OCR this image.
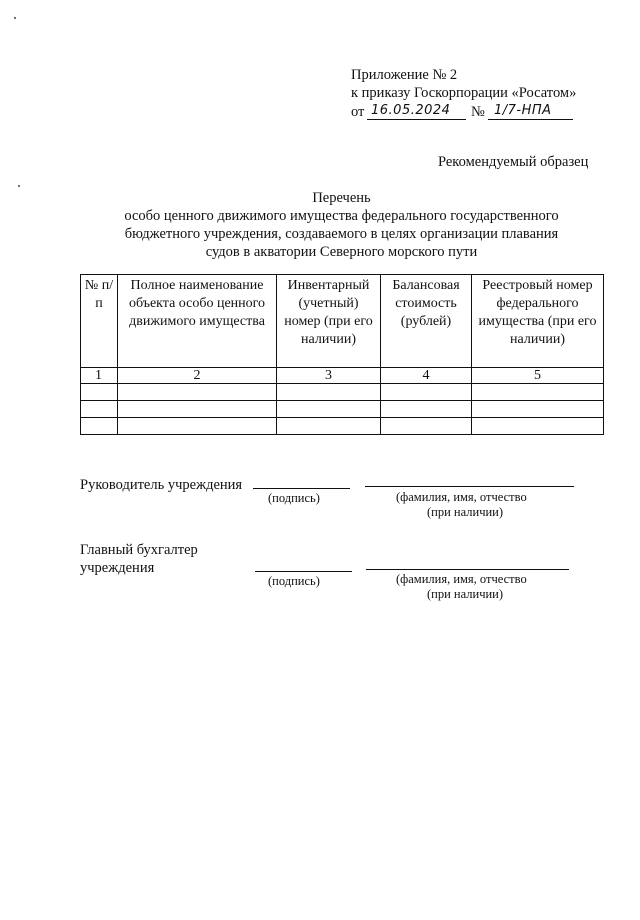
Приложение № 2
к приказу Госкорпорации «Росатом»
от 16.05.2024 № 1/7-НПА
Рекомендуемый образец
Перечень
особо ценного движимого имущества федерального государственного
бюджетного учреждения, создаваемого в целях организации плавания
судов в акватории Северного морского пути
№ п/п	Полное наименование объекта особо ценного движимого имущества	Инвентарный (учетный) номер (при его наличии)	Балансовая стоимость (рублей)	Реестровый номер федерального имущества (при его наличии)
1	2	3	4	5

Руководитель учреждения
(подпись)	(фамилия, имя, отчество
(при наличии)
Главный бухгалтер
учреждения
(подпись)	(фамилия, имя, отчество
(при наличии)
